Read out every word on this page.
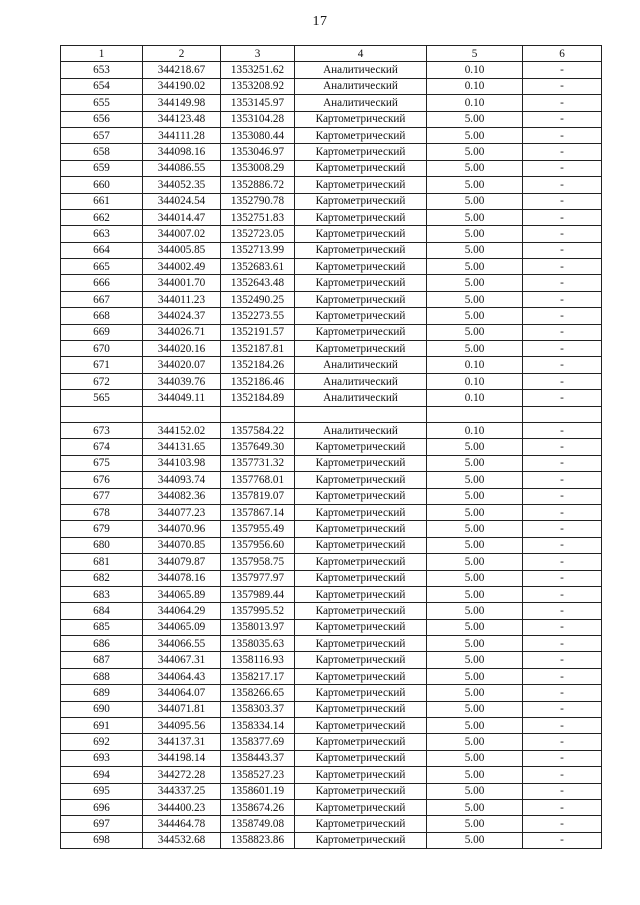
17
1	2	3	4	5	6
653	344218.67	1353251.62	Аналитический	0.10	-
654	344190.02	1353208.92	Аналитический	0.10	-
655	344149.98	1353145.97	Аналитический	0.10	-
656	344123.48	1353104.28	Картометрический	5.00	-
657	344111.28	1353080.44	Картометрический	5.00	-
658	344098.16	1353046.97	Картометрический	5.00	-
659	344086.55	1353008.29	Картометрический	5.00	-
660	344052.35	1352886.72	Картометрический	5.00	-
661	344024.54	1352790.78	Картометрический	5.00	-
662	344014.47	1352751.83	Картометрический	5.00	-
663	344007.02	1352723.05	Картометрический	5.00	-
664	344005.85	1352713.99	Картометрический	5.00	-
665	344002.49	1352683.61	Картометрический	5.00	-
666	344001.70	1352643.48	Картометрический	5.00	-
667	344011.23	1352490.25	Картометрический	5.00	-
668	344024.37	1352273.55	Картометрический	5.00	-
669	344026.71	1352191.57	Картометрический	5.00	-
670	344020.16	1352187.81	Картометрический	5.00	-
671	344020.07	1352184.26	Аналитический	0.10	-
672	344039.76	1352186.46	Аналитический	0.10	-
565	344049.11	1352184.89	Аналитический	0.10	-

673	344152.02	1357584.22	Аналитический	0.10	-
674	344131.65	1357649.30	Картометрический	5.00	-
675	344103.98	1357731.32	Картометрический	5.00	-
676	344093.74	1357768.01	Картометрический	5.00	-
677	344082.36	1357819.07	Картометрический	5.00	-
678	344077.23	1357867.14	Картометрический	5.00	-
679	344070.96	1357955.49	Картометрический	5.00	-
680	344070.85	1357956.60	Картометрический	5.00	-
681	344079.87	1357958.75	Картометрический	5.00	-
682	344078.16	1357977.97	Картометрический	5.00	-
683	344065.89	1357989.44	Картометрический	5.00	-
684	344064.29	1357995.52	Картометрический	5.00	-
685	344065.09	1358013.97	Картометрический	5.00	-
686	344066.55	1358035.63	Картометрический	5.00	-
687	344067.31	1358116.93	Картометрический	5.00	-
688	344064.43	1358217.17	Картометрический	5.00	-
689	344064.07	1358266.65	Картометрический	5.00	-
690	344071.81	1358303.37	Картометрический	5.00	-
691	344095.56	1358334.14	Картометрический	5.00	-
692	344137.31	1358377.69	Картометрический	5.00	-
693	344198.14	1358443.37	Картометрический	5.00	-
694	344272.28	1358527.23	Картометрический	5.00	-
695	344337.25	1358601.19	Картометрический	5.00	-
696	344400.23	1358674.26	Картометрический	5.00	-
697	344464.78	1358749.08	Картометрический	5.00	-
698	344532.68	1358823.86	Картометрический	5.00	-
